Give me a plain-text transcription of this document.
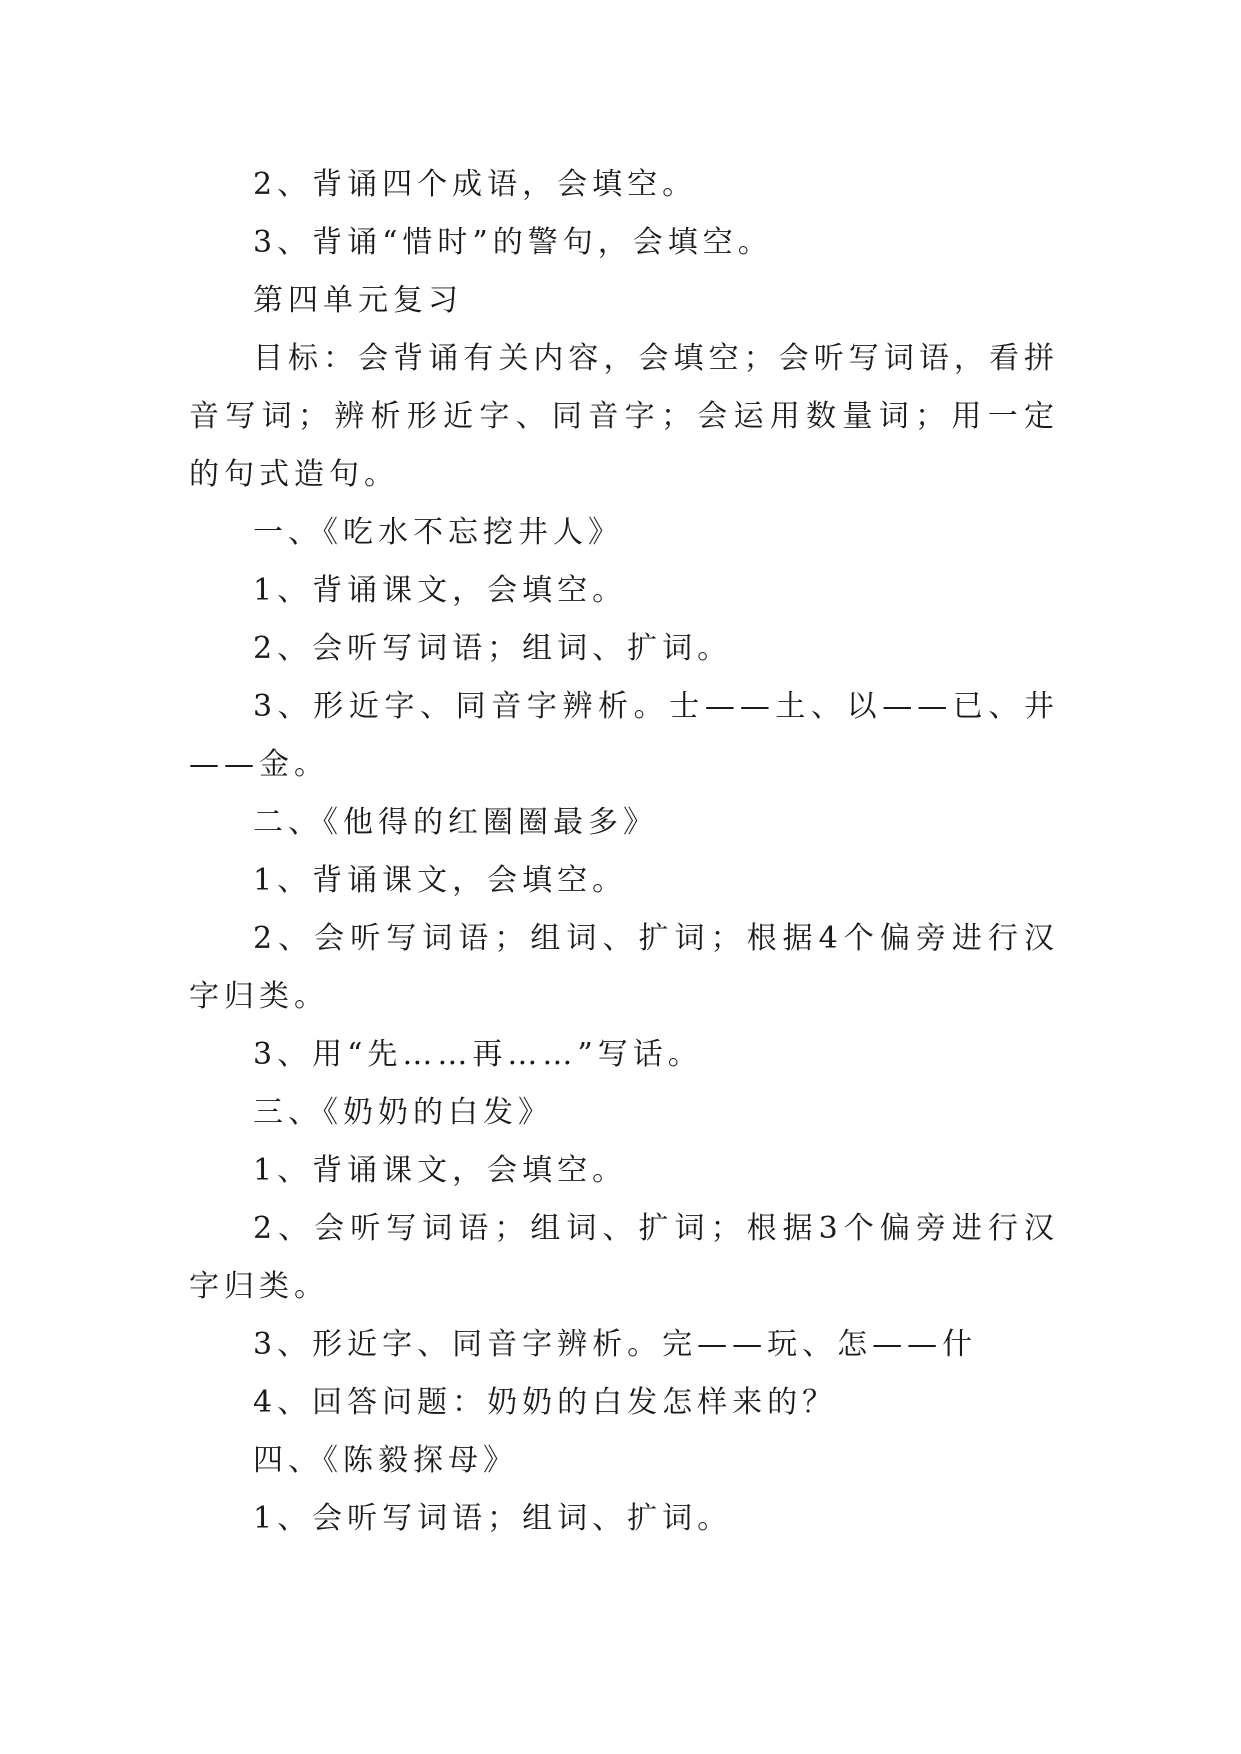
2、背诵四个成语，会填空。

3、背诵“惜时”的警句，会填空。

第四单元复习

目标：会背诵有关内容，会填空；会听写词语，看拼音写词；辨析形近字、同音字；会运用数量词；用一定的句式造句。

一、《吃水不忘挖井人》

1、背诵课文，会填空。

2、会听写词语；组词、扩词。

3、形近字、同音字辨析。士——土、以——已、井——金。

二、《他得的红圈圈最多》

1、背诵课文，会填空。

2、会听写词语；组词、扩词；根据4个偏旁进行汉字归类。

3、用“先……再……”写话。

三、《奶奶的白发》

1、背诵课文，会填空。

2、会听写词语；组词、扩词；根据3个偏旁进行汉字归类。

3、形近字、同音字辨析。完——玩、怎——什

4、回答问题：奶奶的白发怎样来的？

四、《陈毅探母》

1、会听写词语；组词、扩词。
